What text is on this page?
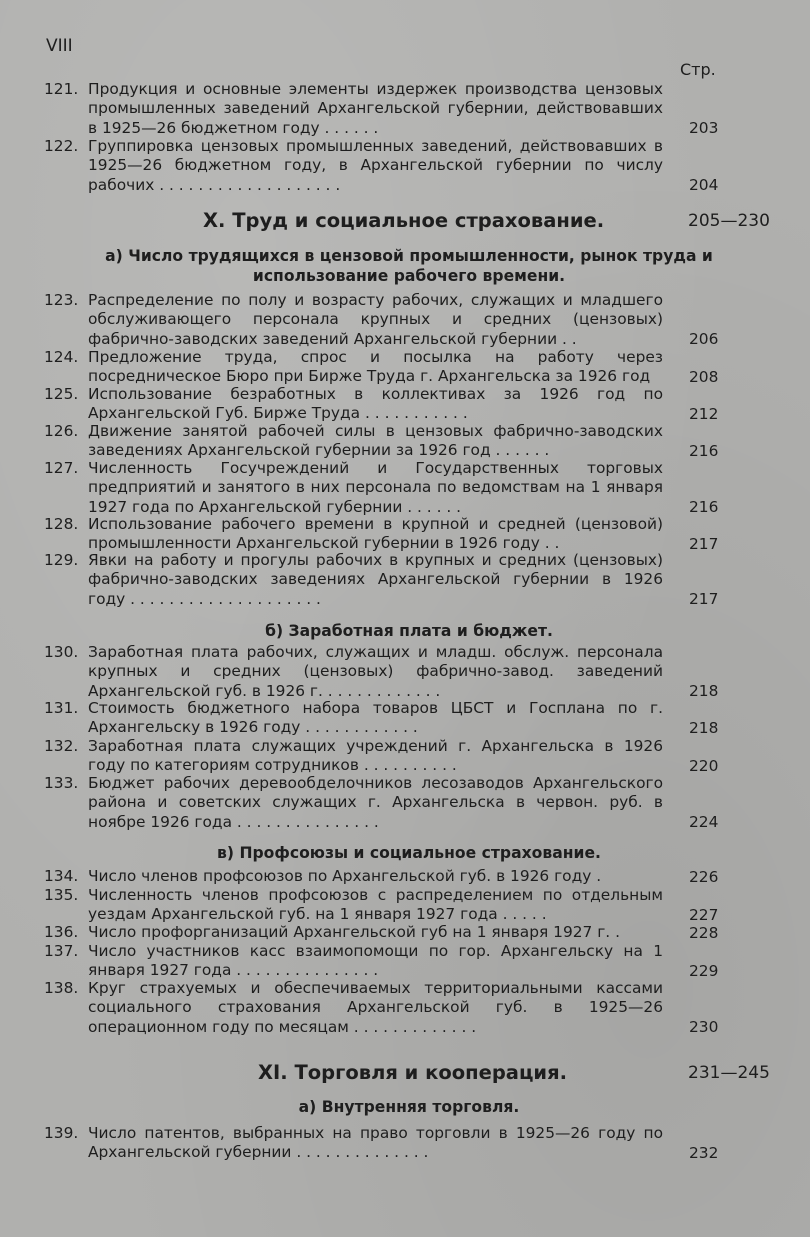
VIII
Стр.
121. Продукция и основные элементы издержек производства цензовых промышленных заведений Архангельской губернии, действовавших в 1925—26 бюджетном году . . . . . .	203
122. Группировка цензовых промышленных заведений, действовавших в 1925—26 бюджетном году, в Архангельской губернии по числу рабочих . . . . . . . . . . . . . . . . . . .	204
X. Труд и социальное страхование.	205—230
а) Число трудящихся в цензовой промышленности, рынок труда и использование рабочего времени.
123. Распределение по полу и возрасту рабочих, служащих и младшего обслуживающего персонала крупных и средних (цензовых) фабрично-заводских заведений Архангельской губернии . .	206
124. Предложение труда, спрос и посылка на работу через посредническое Бюро при Бирже Труда г. Архангельска за 1926 год	208
125. Использование безработных в коллективах за 1926 год по Архангельской Губ. Бирже Труда . . . . . . . . . . .	212
126. Движение занятой рабочей силы в цензовых фабрично-заводских заведениях Архангельской губернии за 1926 год . . . . . .	216
127. Численность Госучреждений и Государственных торговых предприятий и занятого в них персонала по ведомствам на 1 января 1927 года по Архангельской губернии . . . . . .	216
128. Использование рабочего времени в крупной и средней (цензовой) промышленности Архангельской губернии в 1926 году . .	217
129. Явки на работу и прогулы рабочих в крупных и средних (цензовых) фабрично-заводских заведениях Архангельской губернии в 1926 году . . . . . . . . . . . . . . . . . . . .	217
б) Заработная плата и бюджет.
130. Заработная плата рабочих, служащих и младш. обслуж. персонала крупных и средних (цензовых) фабрично-завод. заведений Архангельской губ. в 1926 г. . . . . . . . . . . . .	218
131. Стоимость бюджетного набора товаров ЦБСТ и Госплана по г. Архангельску в 1926 году . . . . . . . . . . . .	218
132. Заработная плата служащих учреждений г. Архангельска в 1926 году по категориям сотрудников . . . . . . . . . .	220
133. Бюджет рабочих деревообделочников лесозаводов Архангельского района и советских служащих г. Архангельска в червон. руб. в ноябре 1926 года . . . . . . . . . . . . . . .	224
в) Профсоюзы и социальное страхование.
134. Число членов профсоюзов по Архангельской губ. в 1926 году .	226
135. Численность членов профсоюзов с распределением по отдельным уездам Архангельской губ. на 1 января 1927 года . . . . .	227
136. Число профорганизаций Архангельской губ на 1 января 1927 г. .	228
137. Число участников касс взаимопомощи по гор. Архангельску на 1 января 1927 года . . . . . . . . . . . . . . .	229
138. Круг страхуемых и обеспечиваемых территориальными кассами социального страхования Архангельской губ. в 1925—26 операционном году по месяцам . . . . . . . . . . . . .	230
XI. Торговля и кооперация.	231—245
а) Внутренняя торговля.
139. Число патентов, выбранных на право торговли в 1925—26 году по Архангельской губернии . . . . . . . . . . . . . .	232
